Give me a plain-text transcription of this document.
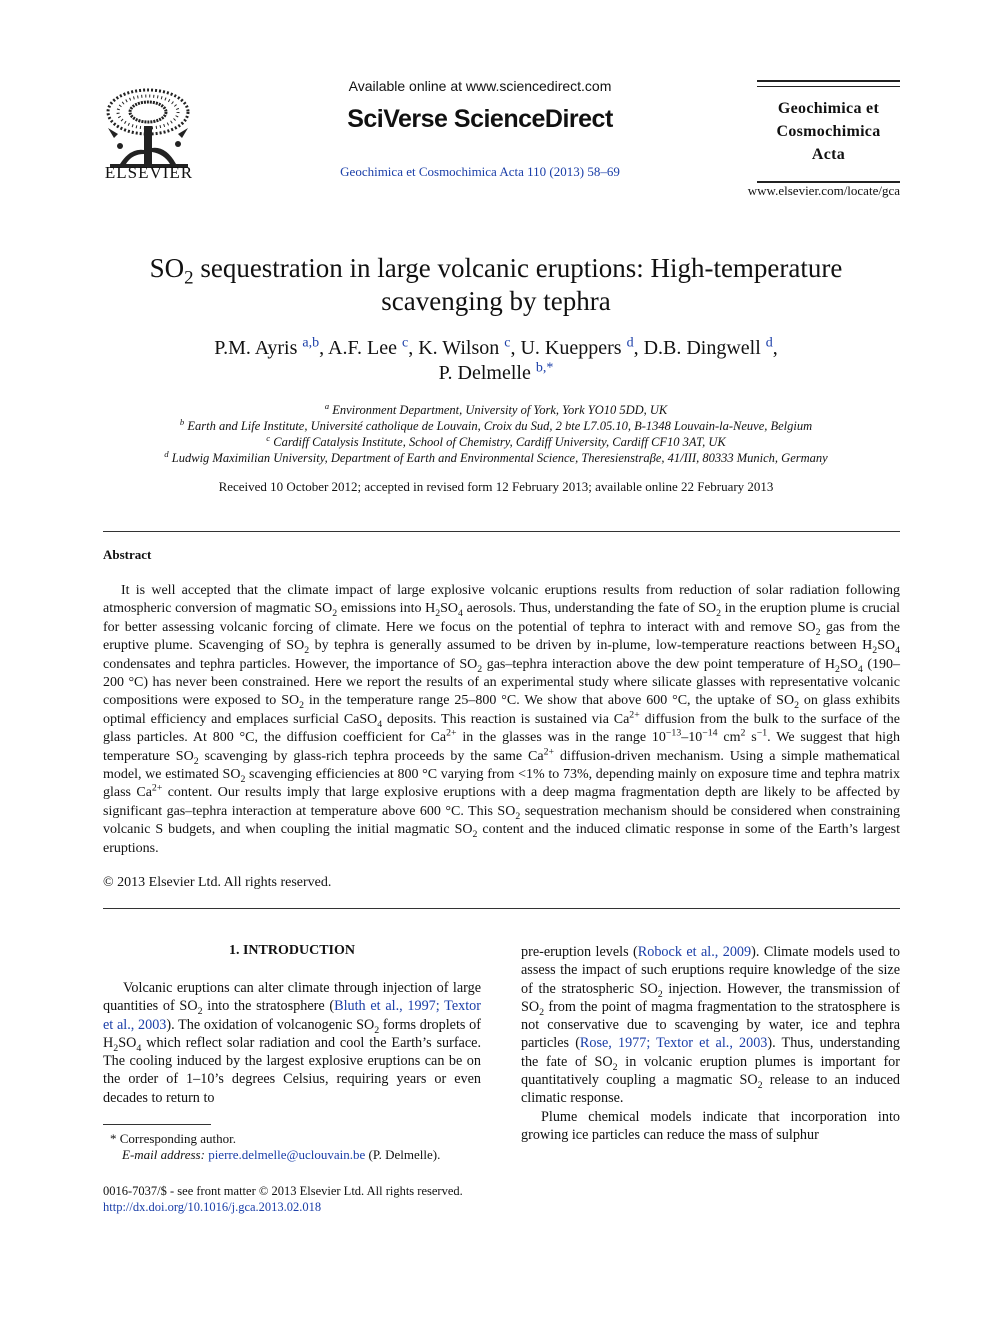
ELSEVIER
Available online at www.sciencedirect.com
SciVerse ScienceDirect
Geochimica et Cosmochimica Acta 110 (2013) 58–69
Geochimica et
Cosmochimica
Acta
www.elsevier.com/locate/gca
$SO_2$ sequestration in large volcanic eruptions: High-temperature scavenging by tephra
P.M. Ayris $^{a,b}$, A.F. Lee $^c$, K. Wilson $^c$, U. Kueppers $^d$, D.B. Dingwell $^d$,
P. Delmelle $^{b,*}$
$^a$ Environment Department, University of York, York YO10 5DD, UK
$^b$ Earth and Life Institute, Université catholique de Louvain, Croix du Sud, 2 bte L7.05.10, B-1348 Louvain-la-Neuve, Belgium
$^c$ Cardiff Catalysis Institute, School of Chemistry, Cardiff University, Cardiff CF10 3AT, UK
$^d$ Ludwig Maximilian University, Department of Earth and Environmental Science, Theresienstraβe, 41/III, 80333 Munich, Germany
Received 10 October 2012; accepted in revised form 12 February 2013; available online 22 February 2013
Abstract
It is well accepted that the climate impact of large explosive volcanic eruptions results from reduction of solar radiation following atmospheric conversion of magmatic $SO_2$ emissions into $H_2SO_4$ aerosols. Thus, understanding the fate of $SO_2$ in the eruption plume is crucial for better assessing volcanic forcing of climate. Here we focus on the potential of tephra to interact with and remove $SO_2$ gas from the eruptive plume. Scavenging of $SO_2$ by tephra is generally assumed to be driven by in-plume, low-temperature reactions between $H_2SO_4$ condensates and tephra particles. However, the importance of $SO_2$ gas–tephra interaction above the dew point temperature of $H_2SO_4$ (190–200 °C) has never been constrained. Here we report the results of an experimental study where silicate glasses with representative volcanic compositions were exposed to $SO_2$ in the temperature range 25–800 °C. We show that above 600 °C, the uptake of $SO_2$ on glass exhibits optimal efficiency and emplaces surficial CaSO$_4$ deposits. This reaction is sustained via $Ca^{2+}$ diffusion from the bulk to the surface of the glass particles. At 800 °C, the diffusion coefficient for $Ca^{2+}$ in the glasses was in the range $10^{-13}-10^{-14}$ $cm^2$ $s^{-1}$. We suggest that high temperature $SO_2$ scavenging by glass-rich tephra proceeds by the same $Ca^{2+}$ diffusion-driven mechanism. Using a simple mathematical model, we estimated $SO_2$ scavenging efficiencies at 800 °C varying from <1% to 73%, depending mainly on exposure time and tephra matrix glass $Ca^{2+}$ content. Our results imply that large explosive eruptions with a deep magma fragmentation depth are likely to be affected by significant gas–tephra interaction at temperature above 600 °C. This $SO_2$ sequestration mechanism should be considered when constraining volcanic S budgets, and when coupling the initial magmatic $SO_2$ content and the induced climatic response in some of the Earth’s largest eruptions.
© 2013 Elsevier Ltd. All rights reserved.
1. INTRODUCTION
Volcanic eruptions can alter climate through injection of large quantities of $SO_2$ into the stratosphere (Bluth et al., 1997; Textor et al., 2003). The oxidation of volcanogenic $SO_2$ forms droplets of $H_2SO_4$ which reflect solar radiation and cool the Earth’s surface. The cooling induced by the largest explosive eruptions can be on the order of 1–10’s degrees Celsius, requiring years or even decades to return to

pre-eruption levels (Robock et al., 2009). Climate models used to assess the impact of such eruptions require knowledge of the size of the stratospheric $SO_2$ injection. However, the transmission of $SO_2$ from the point of magma fragmentation to the stratosphere is not conservative due to scavenging by water, ice and tephra particles (Rose, 1977; Textor et al., 2003). Thus, understanding the fate of $SO_2$ in volcanic eruption plumes is important for quantitatively coupling a magmatic $SO_2$ release to an induced climatic response.

Plume chemical models indicate that incorporation into growing ice particles can reduce the mass of sulphur

* Corresponding author.
E-mail address: pierre.delmelle@uclouvain.be (P. Delmelle).
0016-7037/$ - see front matter © 2013 Elsevier Ltd. All rights reserved.
http://dx.doi.org/10.1016/j.gca.2013.02.018
